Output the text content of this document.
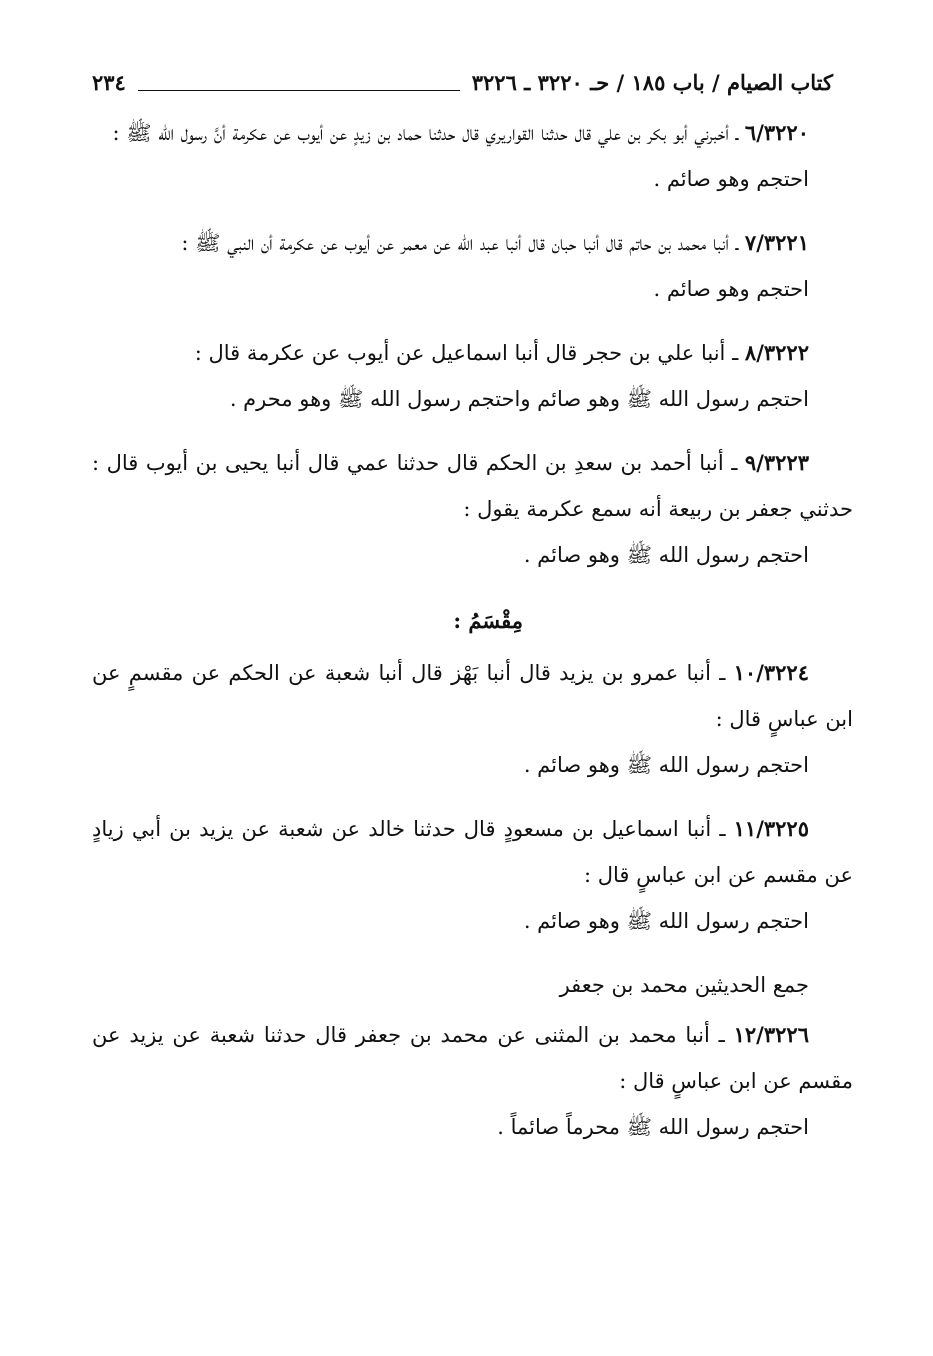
كتاب الصيام / باب ١٨٥ / حـ ٣٢٢٠ ـ ٣٢٢٦
٢٣٤
٦/٣٢٢٠ ـ أخبرني أبو بكر بن علي قال حدثنا القواريري قال حدثنا حماد بن زيدٍ عن أيوب عن عكرمة أنَّ رسول الله ﷺ :
احتجم وهو صائم .
٧/٣٢٢١ ـ أنبا محمد بن حاتم قال أنبا حبان قال أنبا عبد الله عن معمر عن أيوب عن عكرمة أن النبي ﷺ :
احتجم وهو صائم .
٨/٣٢٢٢ ـ أنبا علي بن حجر قال أنبا اسماعيل عن أيوب عن عكرمة قال :
احتجم رسول الله ﷺ وهو صائم واحتجم رسول الله ﷺ وهو محرم .
٩/٣٢٢٣ ـ أنبا أحمد بن سعدِ بن الحكم قال حدثنا عمي قال أنبا يحيى بن أيوب قال : حدثني جعفر بن ربيعة أنه سمع عكرمة يقول :
احتجم رسول الله ﷺ وهو صائم .
مِقْسَمُ :
١٠/٣٢٢٤ ـ أنبا عمرو بن يزيد قال أنبا بَهْز قال أنبا شعبة عن الحكم عن مقسمٍ عن ابن عباسٍ قال :
احتجم رسول الله ﷺ وهو صائم .
١١/٣٢٢٥ ـ أنبا اسماعيل بن مسعودٍ قال حدثنا خالد عن شعبة عن يزيد بن أبي زيادٍ عن مقسم عن ابن عباسٍ قال :
احتجم رسول الله ﷺ وهو صائم .
جمع الحديثين محمد بن جعفر
١٢/٣٢٢٦ ـ أنبا محمد بن المثنى عن محمد بن جعفر قال حدثنا شعبة عن يزيد عن مقسم عن ابن عباسٍ قال :
احتجم رسول الله ﷺ محرماً صائماً .
